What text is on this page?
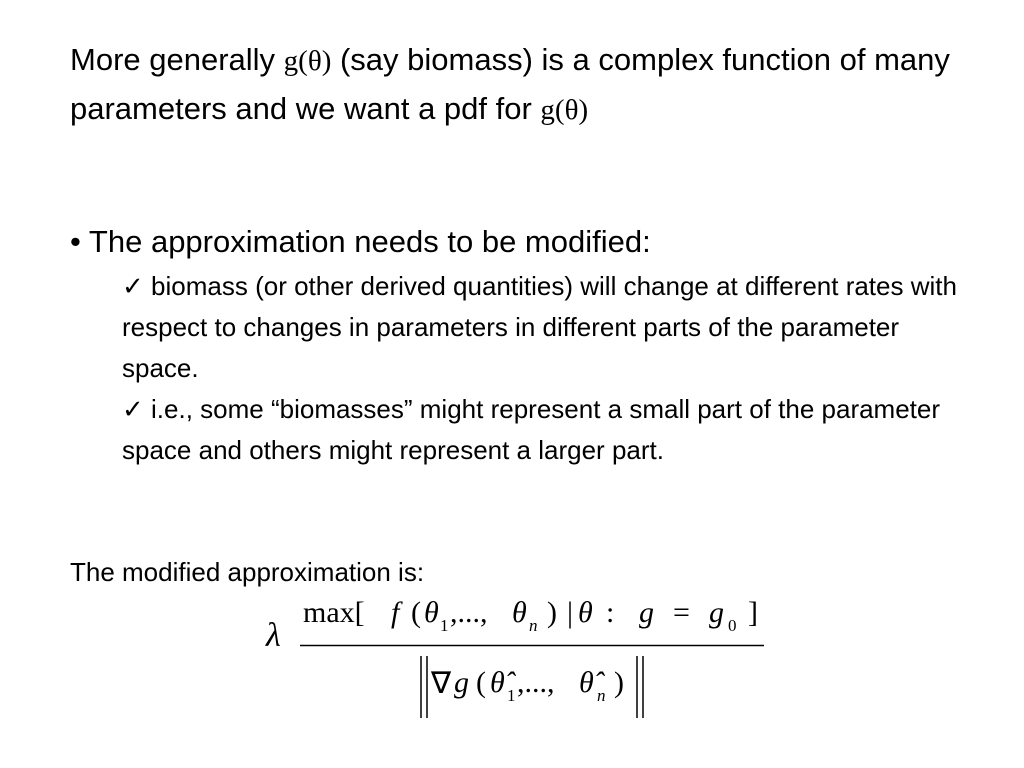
More generally g(θ) (say biomass) is a complex function of many parameters and we want a pdf for g(θ)
• The approximation needs to be modified:
✓ biomass (or other derived quantities) will change at different rates with respect to changes in parameters in different parts of the parameter space.
✓ i.e., some “biomasses” might represent a small part of the parameter space and others might represent a larger part.
The modified approximation is:
λ
max[ f ( θ 1 ,..., θ n ) | θ : g = g 0 ]
∇ g ( θ̂ 1 ,..., θ̂ n )
